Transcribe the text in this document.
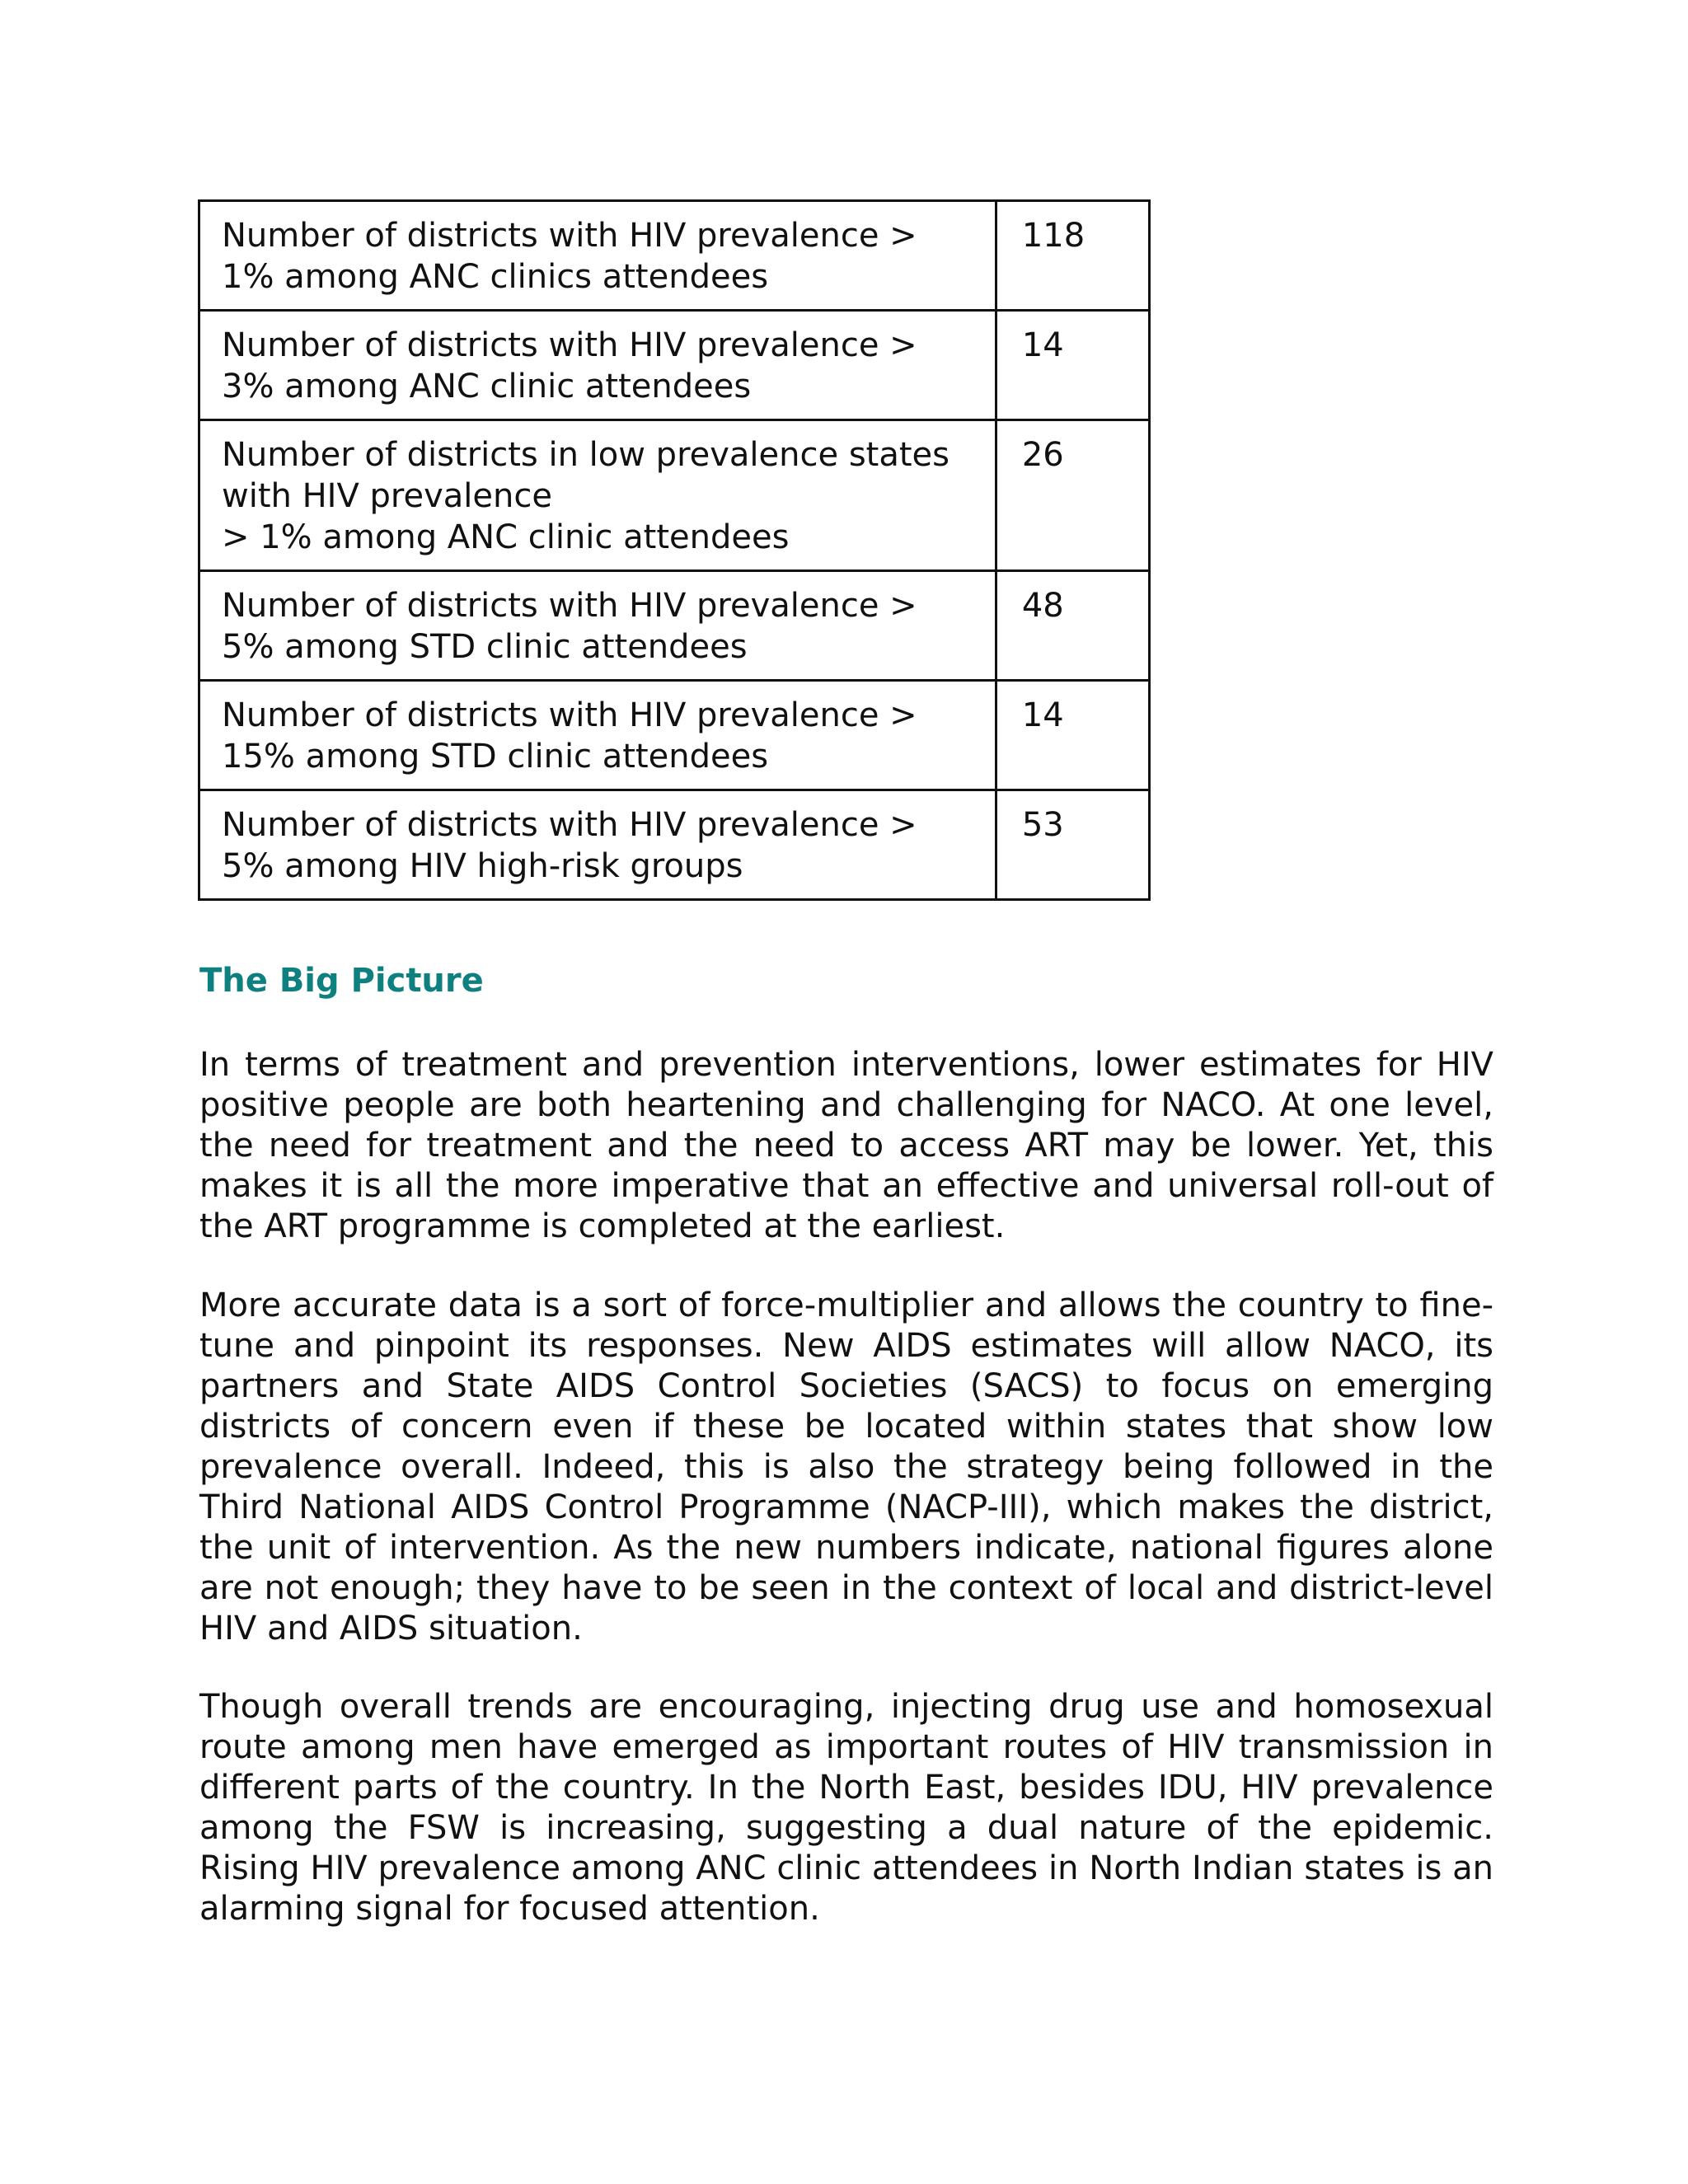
Number of districts with HIV prevalence >
1% among ANC clinics attendees	118

Number of districts with HIV prevalence >
3% among ANC clinic attendees	14

Number of districts in low prevalence states
with HIV prevalence
> 1% among ANC clinic attendees	26

Number of districts with HIV prevalence >
5% among STD clinic attendees	48

Number of districts with HIV prevalence >
15% among STD clinic attendees	14

Number of districts with HIV prevalence >
5% among HIV high-risk groups	53
The Big Picture

In terms of treatment and prevention interventions, lower estimates for HIV positive people are both heartening and challenging for NACO. At one level, the need for treatment and the need to access ART may be lower. Yet, this makes it is all the more imperative that an effective and universal roll-out of the ART programme is completed at the earliest.

More accurate data is a sort of force-multiplier and allows the country to fine-tune and pinpoint its responses. New AIDS estimates will allow NACO, its partners and State AIDS Control Societies (SACS) to focus on emerging districts of concern even if these be located within states that show low prevalence overall. Indeed, this is also the strategy being followed in the Third National AIDS Control Programme (NACP-III), which makes the district, the unit of intervention. As the new numbers indicate, national figures alone are not enough; they have to be seen in the context of local and district-level HIV and AIDS situation.

Though overall trends are encouraging, injecting drug use and homosexual route among men have emerged as important routes of HIV transmission in different parts of the country. In the North East, besides IDU, HIV prevalence among the FSW is increasing, suggesting a dual nature of the epidemic. Rising HIV prevalence among ANC clinic attendees in North Indian states is an alarming signal for focused attention.
